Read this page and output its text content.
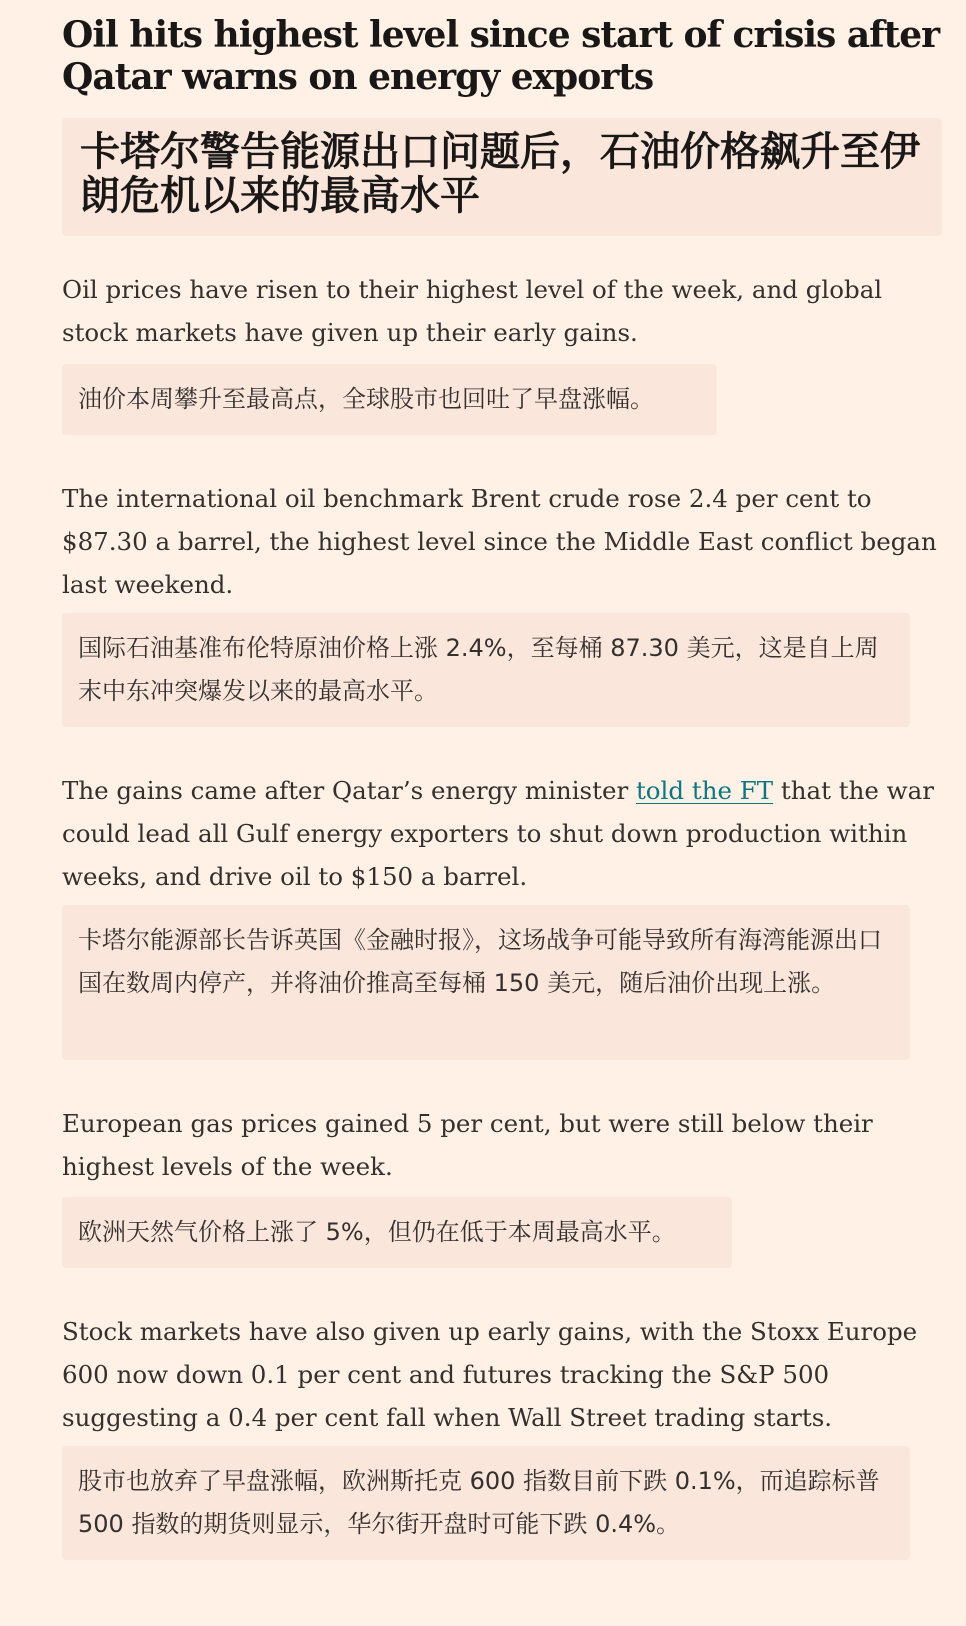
Oil hits highest level since start of crisis after Qatar warns on energy exports
卡塔尔警告能源出口问题后，石油价格飙升至伊朗危机以来的最高水平

Oil prices have risen to their highest level of the week, and global stock markets have given up their early gains.

油价本周攀升至最高点，全球股市也回吐了早盘涨幅。

The international oil benchmark Brent crude rose 2.4 per cent to $87.30 a barrel, the highest level since the Middle East conflict began last weekend.

国际石油基准布伦特原油价格上涨 2.4%，至每桶 87.30 美元，这是自上周末中东冲突爆发以来的最高水平。

The gains came after Qatar’s energy minister told the FT that the war could lead all Gulf energy exporters to shut down production within weeks, and drive oil to $150 a barrel.

卡塔尔能源部长告诉英国《金融时报》，这场战争可能导致所有海湾能源出口国在数周内停产，并将油价推高至每桶 150 美元，随后油价出现上涨。

European gas prices gained 5 per cent, but were still below their highest levels of the week.

欧洲天然气价格上涨了 5%，但仍在低于本周最高水平。

Stock markets have also given up early gains, with the Stoxx Europe 600 now down 0.1 per cent and futures tracking the S&P 500 suggesting a 0.4 per cent fall when Wall Street trading starts.

股市也放弃了早盘涨幅，欧洲斯托克 600 指数目前下跌 0.1%，而追踪标普 500 指数的期货则显示，华尔街开盘时可能下跌 0.4%。
